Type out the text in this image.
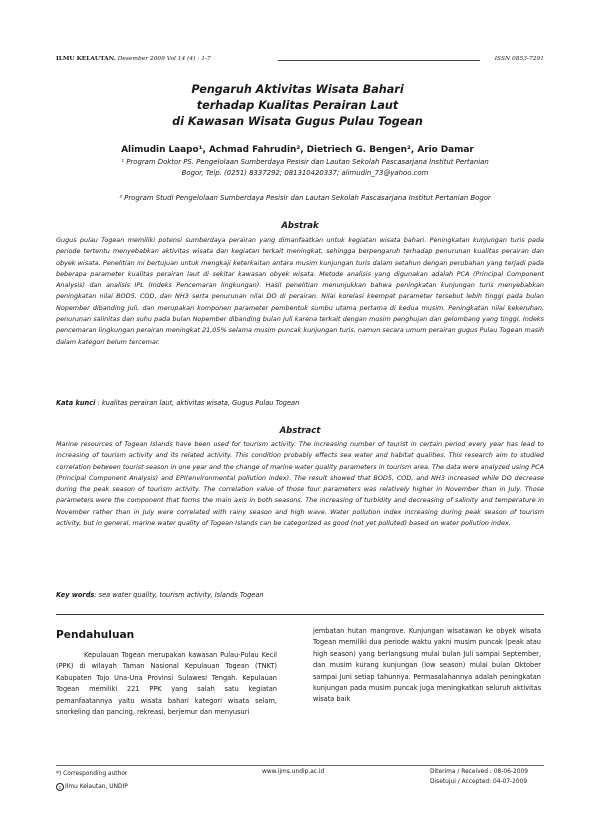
ILMU KELAUTAN. Desember 2009 Vol 14 (4) : 1-7	ISSN 0853-7291
Pengaruh Aktivitas Wisata Bahari
terhadap Kualitas Perairan Laut
di Kawasan Wisata Gugus Pulau Togean
Alimudin Laapo¹, Achmad Fahrudin², Dietriech G. Bengen², Ario Damar
¹ Program Doktor PS. Pengelolaan Sumberdaya Pesisir dan Lautan Sekolah Pascasarjana Institut Pertanian
Bogor, Telp. (0251) 8337292; 081310420337; alimudin_73@yahoo.com
² Program Studi Pengelolaan Sumberdaya Pesisir dan Lautan Sekolah Pascasarjana Institut Pertanian Bogor
Abstrak
Gugus pulau Togean memiliki potensi sumberdaya perairan yang dimanfaatkan untuk kegiatan wisata bahari. Peningkatan kunjungan turis pada periode tertentu menyebabkan aktivitas wisata dan kegiatan terkait meningkat, sehingga berpengaruh terhadap penurunan kualitas perairan dan obyek wisata. Penelitian ini bertujuan untuk mengkaji keterkaitan antara musim kunjungan turis dalam setahun dengan perubahan yang terjadi pada beberapa parameter kualitas perairan laut di sekitar kawasan obyek wisata. Metode analisis yang digunakan adalah PCA (Principal Component Analysis) dan analisis IPL (Indeks Pencemaran lingkungan). Hasil penelitian menunjukkan bahwa peningkatan kunjungan turis menyebabkan peningkatan nilai BOD5, COD, dan NH3 serta penurunan nilai DO di perairan. Nilai korelasi keempat parameter tersebut lebih tinggi pada bulan Nopember dibanding Juli, dan merupakan komponen parameter pembentuk sumbu utama pertama di kedua musim. Peningkatan nilai kekeruhan, penurunan salinitas dan suhu pada bulan Nopember dibanding bulan Juli karena terkait dengan musim penghujan dan gelombang yang tinggi. Indeks pencemaran lingkungan perairan meningkat 21,05% selama musim puncak kunjungan turis, namun secara umum perairan gugus Pulau Togean masih dalam kategori belum tercemar.
Kata kunci : kualitas perairan laut, aktivitas wisata, Gugus Pulau Togean
Abstract
Marine resources of Togean Islands have been used for tourism activity. The increasing number of tourist in certain period every year has lead to increasing of tourism activity and its related activity. This condition probably effects sea water and habitat qualities. This research aim to studied correlation between tourist season in one year and the change of marine water quality parameters in tourism area. The data were analyzed using PCA (Principal Component Analysis) and EPI(environmental pollution index). The result showed that BOD5, COD, and NH3 increased while DO decrease during the peak season of tourism activity. The correlation value of those four parameters was relatively higher in November than in July. Those parameters were the component that forms the main axis in both seasons. The increasing of turbidity and decreasing of salinity and temperature in November rather than in July were correlated with rainy season and high wave. Water pollution index increasing during peak season of tourism activity, but in general, marine water quality of Togean Islands can be categorized as good (not yet polluted) based on water pollution index.
Key words: sea water quality, tourism activity, Islands Togean
Pendahuluan

Kepulauan Togean merupakan kawasan Pulau-Pulau Kecil (PPK) di wilayah Taman Nasional Kepulauan Togean (TNKT) Kabupaten Tojo Una-Una Provinsi Sulawesi Tengah. Kepulauan Togean memiliki 221 PPK yang salah satu kegiatan pemanfaatannya yaitu wisata bahari kategori wisata selam, snorkeling dan pancing, rekreasi, berjemur dan menyusuri

jembatan hutan mangrove. Kunjungan wisatawan ke obyek wisata Togean memiliki dua periode waktu yakni musim puncak (peak atau high season) yang berlangsung mulai bulan Juli sampai September, dan musim kurang kunjungan (low season) mulai bulan Oktober sampai Juni setiap tahunnya. Permasalahannya adalah peningkatan kunjungan pada musim puncak juga meningkatkan seluruh aktivitas wisata baik

*) Corresponding author
c Ilmu Kelautan, UNDIP
www.ijms.undip.ac.id	Diterima / Received : 08-06-2009
Disetujui / Accepted: 04-07-2009
